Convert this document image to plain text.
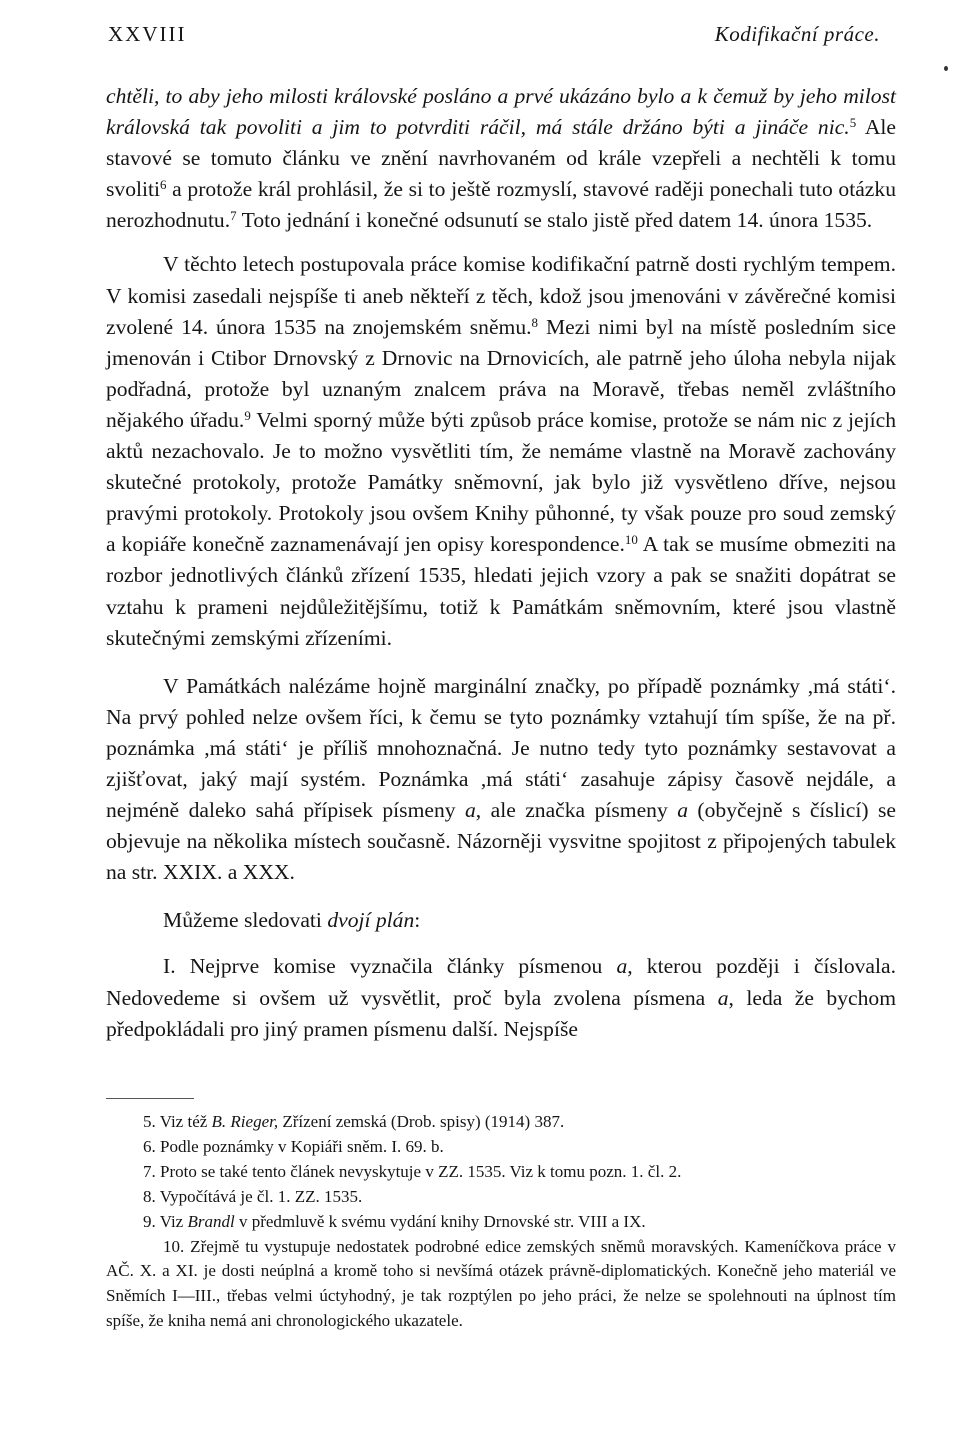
XXVIII	Kodifikační práce.

chtěli, to aby jeho milosti královské posláno a prvé ukázáno bylo a k čemuž by jeho milost královská tak povoliti a jim to potvrditi ráčil, má stále držáno býti a jináče nic.$^5$ Ale stavové se tomuto článku ve znění navrhovaném od krále vzepřeli a nechtěli k tomu svoliti$^6$ a protože král prohlásil, že si to ještě rozmyslí, stavové raději ponechali tuto otázku nerozhodnutu.$^7$ Toto jednání i konečné odsunutí se stalo jistě před datem 14. února 1535.

V těchto letech postupovala práce komise kodifikační patrně dosti rychlým tempem. V komisi zasedali nejspíše ti aneb někteří z těch, kdož jsou jmenováni v závěrečné komisi zvolené 14. února 1535 na znojemském sněmu.$^8$ Mezi nimi byl na místě posledním sice jmenován i Ctibor Drnovský z Drnovic na Drnovicích, ale patrně jeho úloha nebyla nijak podřadná, protože byl uznaným znalcem práva na Moravě, třebas neměl zvláštního nějakého úřadu.$^9$ Velmi sporný může býti způsob práce komise, protože se nám nic z jejích aktů nezachovalo. Je to možno vysvětliti tím, že nemáme vlastně na Moravě zachovány skutečné protokoly, protože Památky sněmovní, jak bylo již vysvětleno dříve, nejsou pravými protokoly. Protokoly jsou ovšem Knihy půhonné, ty však pouze pro soud zemský a kopiáře konečně zaznamenávají jen opisy korespondence.$^{10}$ A tak se musíme obmeziti na rozbor jednotlivých článků zřízení 1535, hledati jejich vzory a pak se snažiti dopátrat se vztahu k prameni nejdůležitějšímu, totiž k Památkám sněmovním, které jsou vlastně skutečnými zemskými zřízeními.

V Památkách nalézáme hojně marginální značky, po případě poznámky ,má státi‘. Na prvý pohled nelze ovšem říci, k čemu se tyto poznámky vztahují tím spíše, že na př. poznámka ,má státi‘ je příliš mnohoznačná. Je nutno tedy tyto poznámky sestavovat a zjišťovat, jaký mají systém. Poznámka ,má státi‘ zasahuje zápisy časově nejdále, a nejméně daleko sahá přípisek písmeny a, ale značka písmeny a (obyčejně s číslicí) se objevuje na několika místech současně. Názorněji vysvitne spojitost z připojených tabulek na str. XXIX. a XXX.

Můžeme sledovati dvojí plán:

I. Nejprve komise vyznačila články písmenou a, kterou později i číslovala. Nedovedeme si ovšem už vysvětlit, proč byla zvolena písmena a, leda že bychom předpokládali pro jiný pramen písmenu další. Nejspíše

5. Viz též B. Rieger, Zřízení zemská (Drob. spisy) (1914) 387.

6. Podle poznámky v Kopiáři sněm. I. 69. b.

7. Proto se také tento článek nevyskytuje v ZZ. 1535. Viz k tomu pozn. 1. čl. 2.

8. Vypočítává je čl. 1. ZZ. 1535.

9. Viz Brandl v předmluvě k svému vydání knihy Drnovské str. VIII a IX.

10. Zřejmě tu vystupuje nedostatek podrobné edice zemských sněmů moravských. Kameníčkova práce v AČ. X. a XI. je dosti neúplná a kromě toho si nevšímá otázek právně-diplomatických. Konečně jeho materiál ve Sněmích I—III., třebas velmi úctyhodný, je tak rozptýlen po jeho práci, že nelze se spolehnouti na úplnost tím spíše, že kniha nemá ani chronologického ukazatele.
